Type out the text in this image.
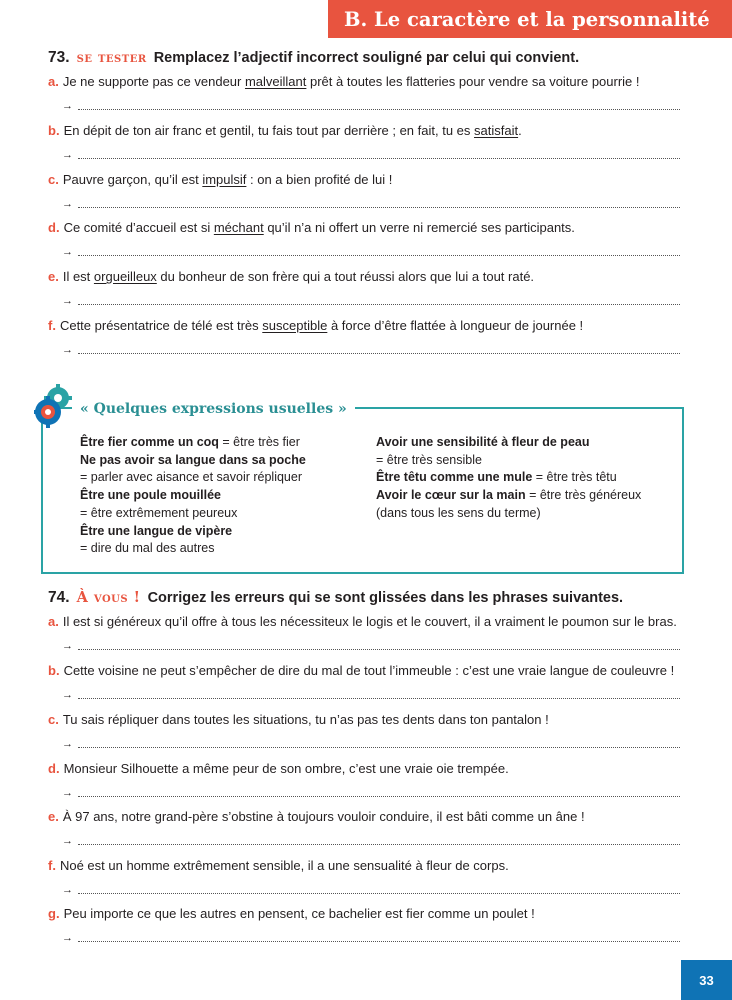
B. Le caractère et la personnalité
73. se tester Remplacez l’adjectif incorrect souligné par celui qui convient.
a. Je ne supporte pas ce vendeur malveillant prêt à toutes les flatteries pour vendre sa voiture pourrie !
→
b. En dépit de ton air franc et gentil, tu fais tout par derrière ; en fait, tu es satisfait.
→
c. Pauvre garçon, qu’il est impulsif : on a bien profité de lui !
→
d. Ce comité d’accueil est si méchant qu’il n’a ni offert un verre ni remercié ses participants.
→
e. Il est orgueilleux du bonheur de son frère qui a tout réussi alors que lui a tout raté.
→
f. Cette présentatrice de télé est très susceptible à force d’être flattée à longueur de journée !
→
« Quelques expressions usuelles »
Être fier comme un coq = être très fier
Ne pas avoir sa langue dans sa poche
= parler avec aisance et savoir répliquer
Être une poule mouillée
= être extrêmement peureux
Être une langue de vipère
= dire du mal des autres
Avoir une sensibilité à fleur de peau
= être très sensible
Être têtu comme une mule = être très têtu
Avoir le cœur sur la main = être très généreux
(dans tous les sens du terme)
74. À vous ! Corrigez les erreurs qui se sont glissées dans les phrases suivantes.
a. Il est si généreux qu’il offre à tous les nécessiteux le logis et le couvert, il a vraiment le poumon sur le bras.
→
b. Cette voisine ne peut s’empêcher de dire du mal de tout l’immeuble : c’est une vraie langue de couleuvre !
→
c. Tu sais répliquer dans toutes les situations, tu n’as pas tes dents dans ton pantalon !
→
d. Monsieur Silhouette a même peur de son ombre, c’est une vraie oie trempée.
→
e. À 97 ans, notre grand-père s’obstine à toujours vouloir conduire, il est bâti comme un âne !
→
f. Noé est un homme extrêmement sensible, il a une sensualité à fleur de corps.
→
g. Peu importe ce que les autres en pensent, ce bachelier est fier comme un poulet !
→
33
